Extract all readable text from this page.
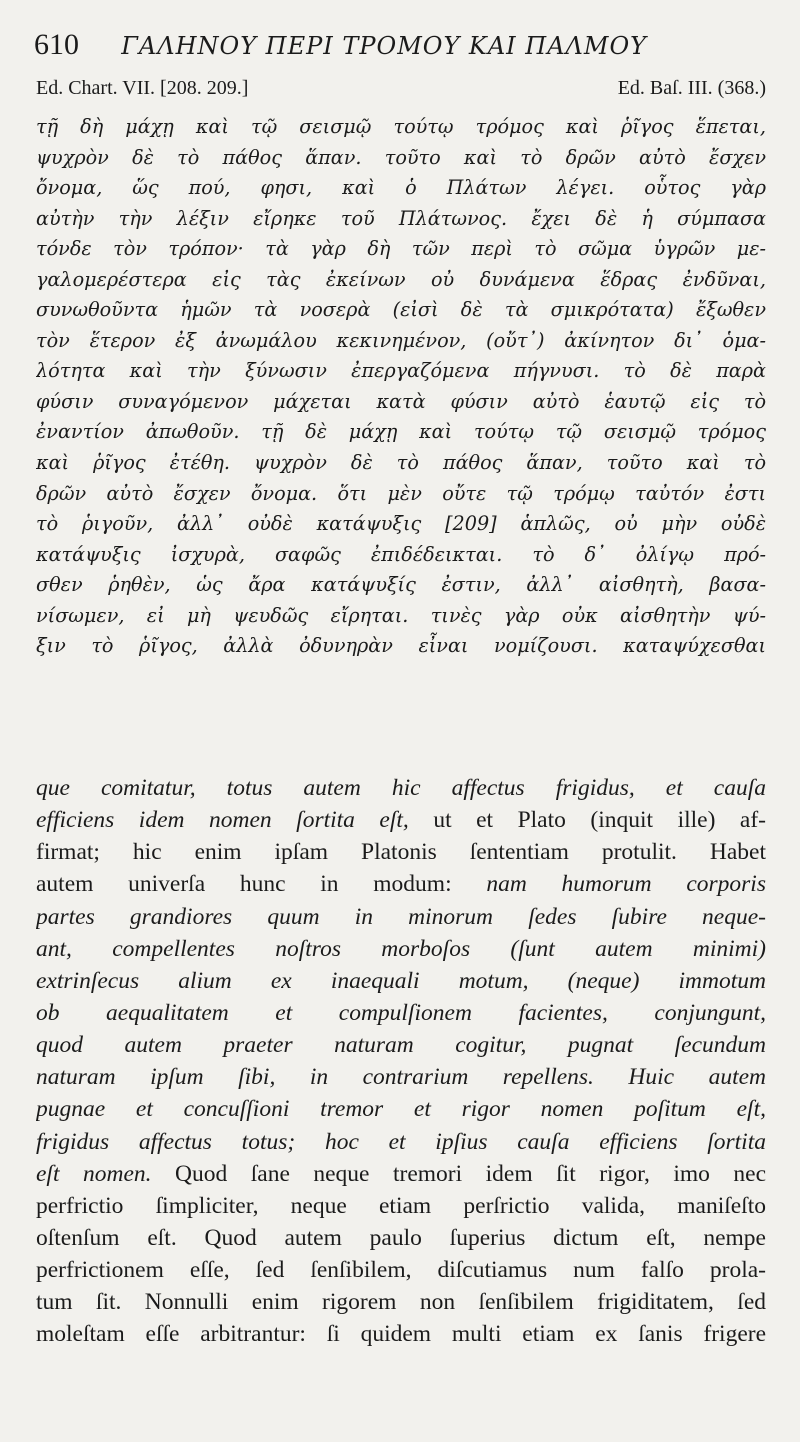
610 ΓΑΛΗΝΟΥ ΠΕΡΙ ΤΡΟΜΟΥ ΚΑΙ ΠΑΛΜΟΥ
Ed. Chart. VII. [208. 209.]	Ed. Baſ. III. (368.)
τῇ δὴ μάχῃ καὶ τῷ σεισμῷ τούτῳ τρόμος καὶ ῥῖγος ἕπεται,
ψυχρὸν δὲ τὸ πάθος ἅπαν. τοῦτο καὶ τὸ δρῶν αὐτὸ ἔσχεν
ὄνομα, ὥς πού, φησι, καὶ ὁ Πλάτων λέγει. οὗτος γὰρ
αὐτὴν τὴν λέξιν εἴρηκε τοῦ Πλάτωνος. ἔχει δὲ ἡ σύμπασα
τόνδε τὸν τρόπον· τὰ γὰρ δὴ τῶν περὶ τὸ σῶμα ὑγρῶν με-
γαλομερέστερα εἰς τὰς ἐκείνων οὐ δυνάμενα ἕδρας ἐνδῦναι,
συνωθοῦντα ἡμῶν τὰ νοσερὰ (εἰσὶ δὲ τὰ σμικρότατα) ἔξωθεν
τὸν ἕτερον ἐξ ἀνωμάλου κεκινημένον, (οὔτ᾽) ἀκίνητον δι᾽ ὁμα-
λότητα καὶ τὴν ξύνωσιν ἐπεργαζόμενα πήγνυσι. τὸ δὲ παρὰ
φύσιν συναγόμενον μάχεται κατὰ φύσιν αὐτὸ ἑαυτῷ εἰς τὸ
ἐναντίον ἀπωθοῦν. τῇ δὲ μάχῃ καὶ τούτῳ τῷ σεισμῷ τρόμος
καὶ ῥῖγος ἐτέθη. ψυχρὸν δὲ τὸ πάθος ἅπαν, τοῦτο καὶ τὸ
δρῶν αὐτὸ ἔσχεν ὄνομα. ὅτι μὲν οὔτε τῷ τρόμῳ ταὐτόν ἐστι
τὸ ῥιγοῦν, ἀλλ᾽ οὐδὲ κατάψυξις [209] ἁπλῶς, οὐ μὴν οὐδὲ
κατάψυξις ἰσχυρὰ, σαφῶς ἐπιδέδεικται. τὸ δ᾽ ὀλίγῳ πρό-
σθεν ῥηθὲν, ὡς ἄρα κατάψυξίς ἐστιν, ἀλλ᾽ αἰσθητὴ, βασα-
νίσωμεν, εἰ μὴ ψευδῶς εἴρηται. τινὲς γὰρ οὐκ αἰσθητὴν ψύ-
ξιν τὸ ῥῖγος, ἀλλὰ ὀδυνηρὰν εἶναι νομίζουσι. καταψύχεσθαι
que comitatur, totus autem hic affectus frigidus, et cauſa
efficiens idem nomen ſortita eſt, ut et Plato (inquit ille) af-
firmat; hic enim ipſam Platonis ſententiam protulit. Habet
autem univerſa hunc in modum: nam humorum corporis
partes grandiores quum in minorum ſedes ſubire neque-
ant, compellentes noſtros morboſos (ſunt autem minimi)
extrinſecus alium ex inaequali motum, (neque) immotum
ob aequalitatem et compulſionem facientes, conjungunt,
quod autem praeter naturam cogitur, pugnat ſecundum
naturam ipſum ſibi, in contrarium repellens. Huic autem
pugnae et concuſſioni tremor et rigor nomen poſitum eſt,
frigidus affectus totus; hoc et ipſius cauſa efficiens ſortita
eſt nomen. Quod ſane neque tremori idem ſit rigor, imo nec
perfrictio ſimpliciter, neque etiam perſrictio valida, maniſeſto
oſtenſum eſt. Quod autem paulo ſuperius dictum eſt, nempe
perfrictionem eſſe, ſed ſenſibilem, diſcutiamus num falſo prola-
tum ſit. Nonnulli enim rigorem non ſenſibilem frigiditatem, ſed
moleſtam eſſe arbitrantur: ſi quidem multi etiam ex ſanis frigere
